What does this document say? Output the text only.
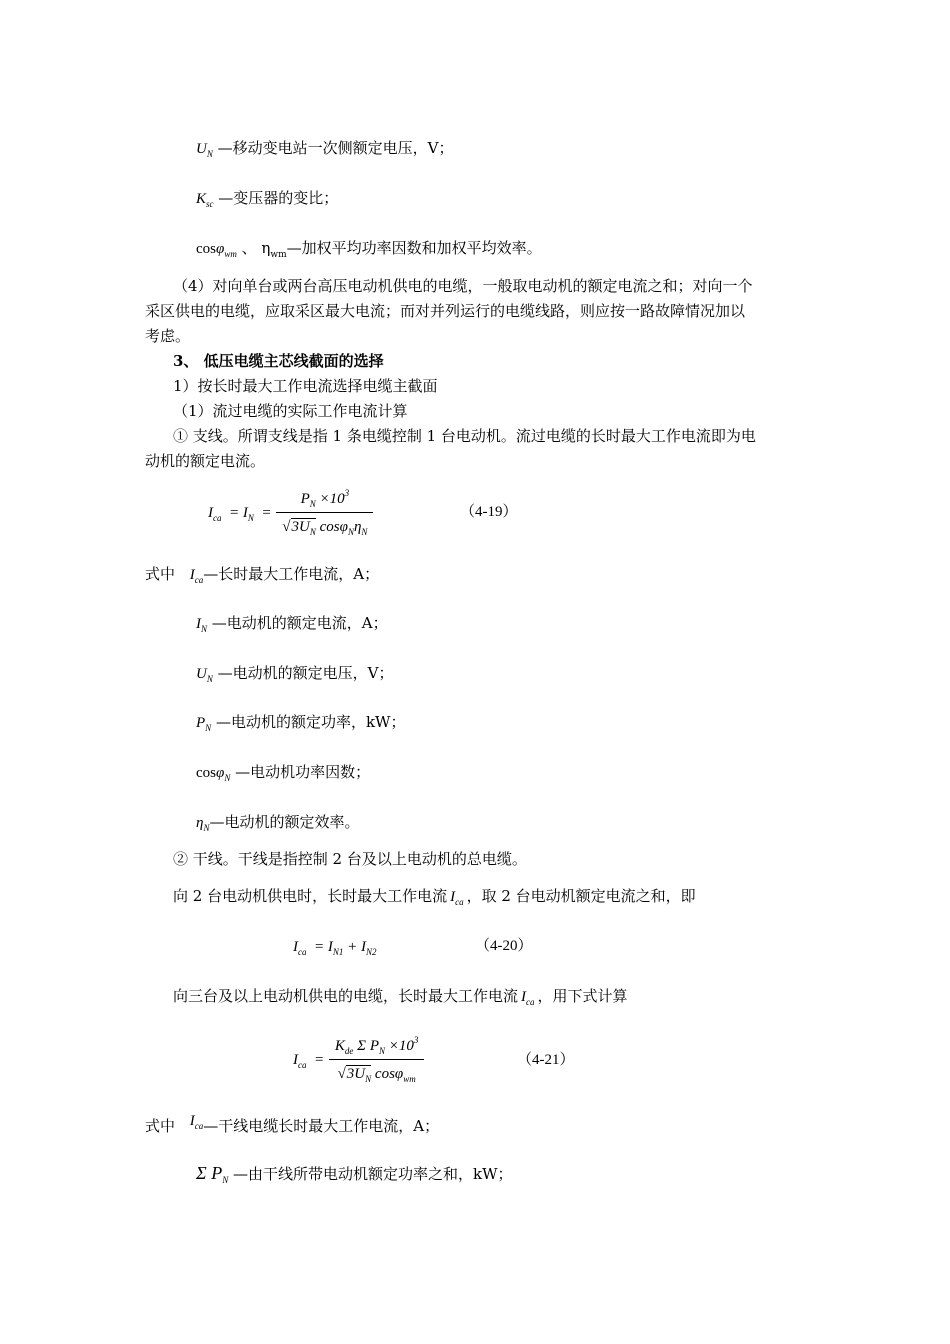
$U_N$ —移动变电站一次侧额定电压，V；
$K_{sc}$ —变压器的变比；
cosφ$_{wm}$ 、 $\eta_{wm}—$加权平均功率因数和加权平均效率。
（4）对向单台或两台高压电动机供电的电缆，一般取电动机的额定电流之和；对向一个
采区供电的电缆，应取采区最大电流；而对并列运行的电缆线路，则应按一路故障情况加以
考虑。
3、 低压电缆主芯线截面的选择
1）按长时最大工作电流选择电缆主截面
（1）流过电缆的实际工作电流计算
① 支线。所谓支线是指 1 条电缆控制 1 台电动机。流过电缆的长时最大工作电流即为电
动机的额定电流。
$I_{ca} = I_N = \frac{P_N \times 10^3}{√3U_N \cos\varphi_N\eta_N}$	（4-19）
式中 $I_{ca}—$长时最大工作电流，A；
$I_N$ —电动机的额定电流，A；
$U_N$ —电动机的额定电压，V；
$P_N$ —电动机的额定功率，kW；
cosφ$_N$ —电动机功率因数；
$\eta_N—$电动机的额定效率。
② 干线。干线是指控制 2 台及以上电动机的总电缆。
向 2 台电动机供电时，长时最大工作电流 $I_{ca}$ ，取 2 台电动机额定电流之和，即
$I_{ca} = I_{N1} + I_{N2}$	（4-20）
向三台及以上电动机供电的电缆，长时最大工作电流 $I_{ca}$ ，用下式计算
$I_{ca} = \frac{K_{de} \Sigma P_N \times 10^3}{√3U_N \cos\varphi_{wm}}$	（4-21）
式中 $I_{ca}—$干线电缆长时最大工作电流，A；
Σ $P_N$ —由干线所带电动机额定功率之和，kW；
